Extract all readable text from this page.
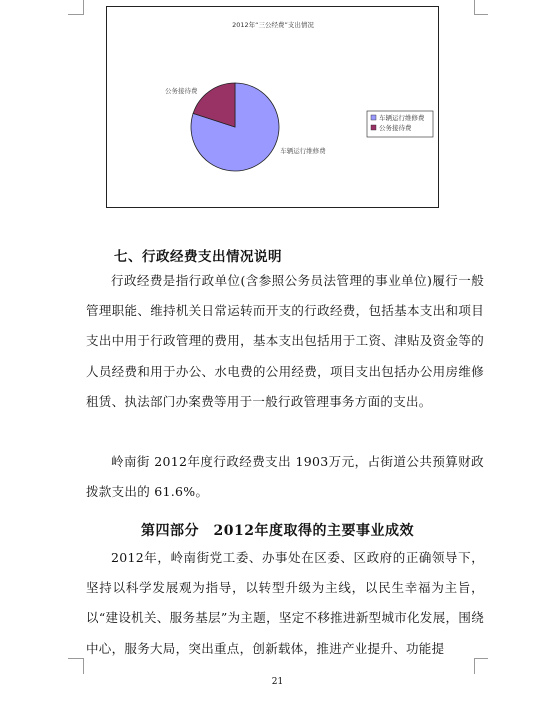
2012年“三公经费”支出情况
车辆运行维修费
公务接待费
车辆运行维修费
公务接待费
七、行政经费支出情况说明

行政经费是指行政单位(含参照公务员法管理的事业单位)履行一般管理职能、维持机关日常运转而开支的行政经费，包括基本支出和项目支出中用于行政管理的费用，基本支出包括用于工资、津贴及资金等的人员经费和用于办公、水电费的公用经费，项目支出包括办公用房维修租赁、执法部门办案费等用于一般行政管理事务方面的支出。

岭南街 2012年度行政经费支出 1903万元，占街道公共预算财政拨款支出的 61.6%。

第四部分　2012年度取得的主要事业成效

2012年，岭南街党工委、办事处在区委、区政府的正确领导下，坚持以科学发展观为指导，以转型升级为主线，以民生幸福为主旨，以“建设机关、服务基层”为主题，坚定不移推进新型城市化发展，围绕中心，服务大局，突出重点，创新载体，推进产业提升、功能提

21
